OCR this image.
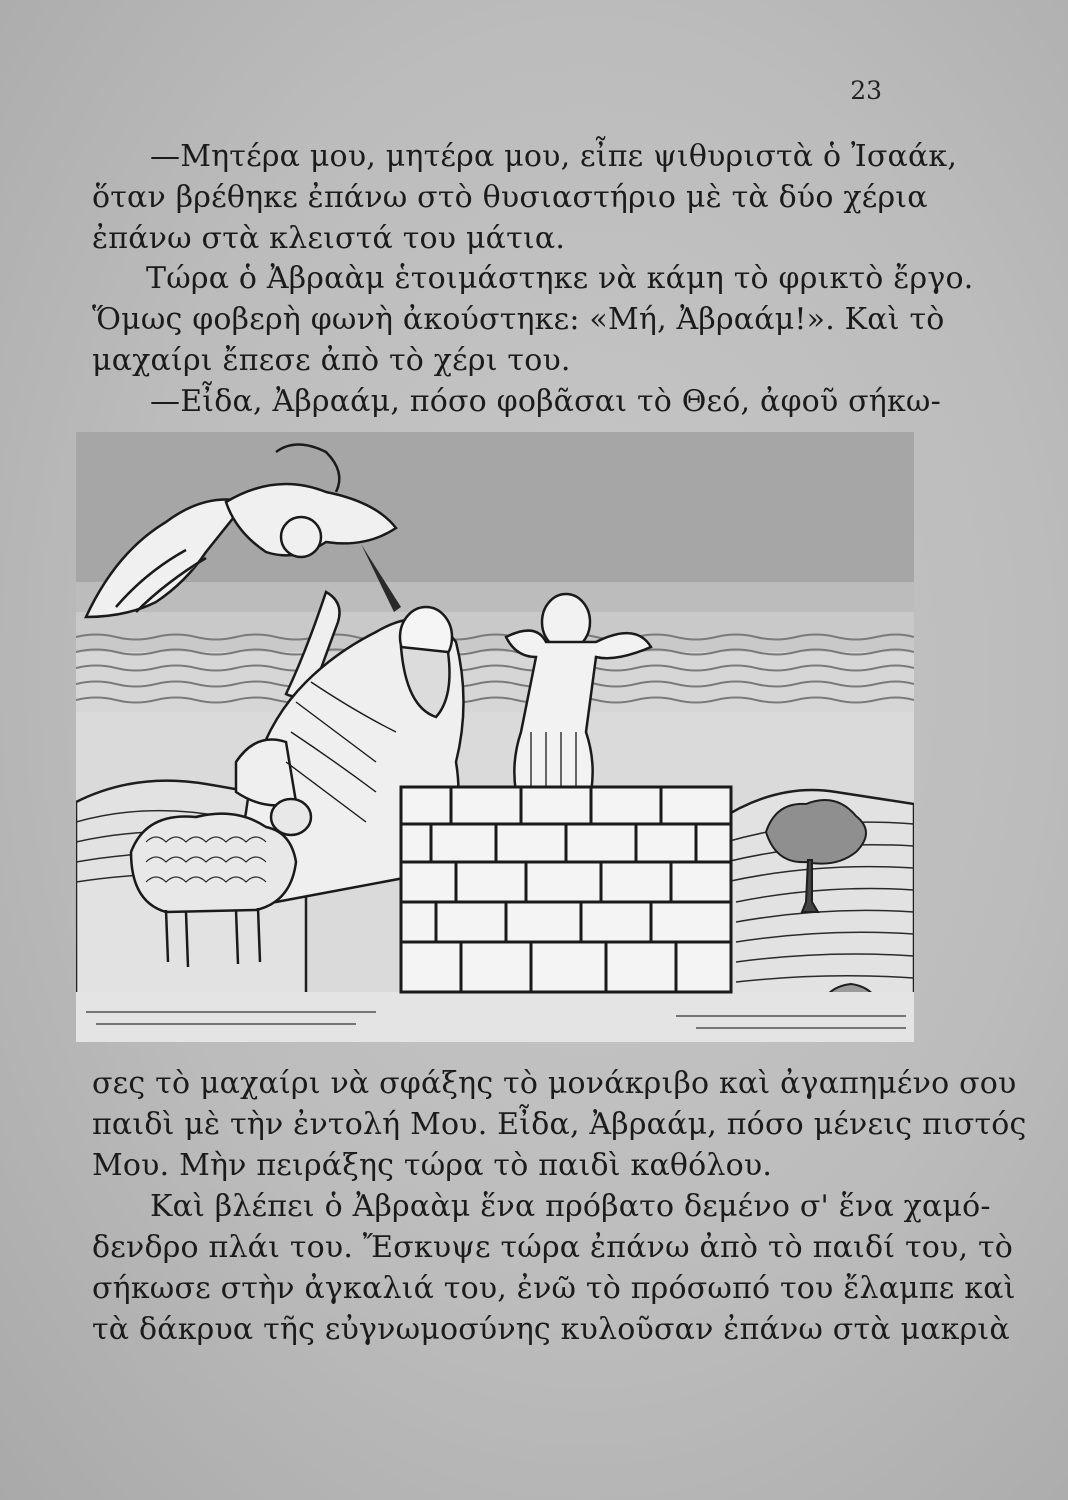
23

—Μητέρα μου, μητέρα μου, εἶπε ψιθυριστὰ ὁ Ἰσαάκ,

ὅταν βρέθηκε ἐπάνω στὸ θυσιαστήριο μὲ τὰ δύο χέρια

ἐπάνω στὰ κλειστά του μάτια.

Τώρα ὁ Ἀβραὰμ ἑτοιμάστηκε νὰ κάμη τὸ φρικτὸ ἔργο.

Ὅμως φοβερὴ φωνὴ ἀκούστηκε: «Μή, Ἀβραάμ!». Καὶ τὸ

μαχαίρι ἔπεσε ἀπὸ τὸ χέρι του.

—Εἶδα, Ἀβραάμ, πόσο φοβᾶσαι τὸ Θεό, ἀφοῦ σήκω-

σες τὸ μαχαίρι νὰ σφάξης τὸ μονάκριβο καὶ ἀγαπημένο σου

παιδὶ μὲ τὴν ἐντολή Μου. Εἶδα, Ἀβραάμ, πόσο μένεις πιστός

Μου. Μὴν πειράξης τώρα τὸ παιδὶ καθόλου.

Καὶ βλέπει ὁ Ἀβραὰμ ἕνα πρόβατο δεμένο σ' ἕνα χαμό-

δενδρο πλάι του. Ἔσκυψε τώρα ἐπάνω ἀπὸ τὸ παιδί του, τὸ

σήκωσε στὴν ἀγκαλιά του, ἐνῶ τὸ πρόσωπό του ἔλαμπε καὶ

τὰ δάκρυα τῆς εὐγνωμοσύνης κυλοῦσαν ἐπάνω στὰ μακριὰ
